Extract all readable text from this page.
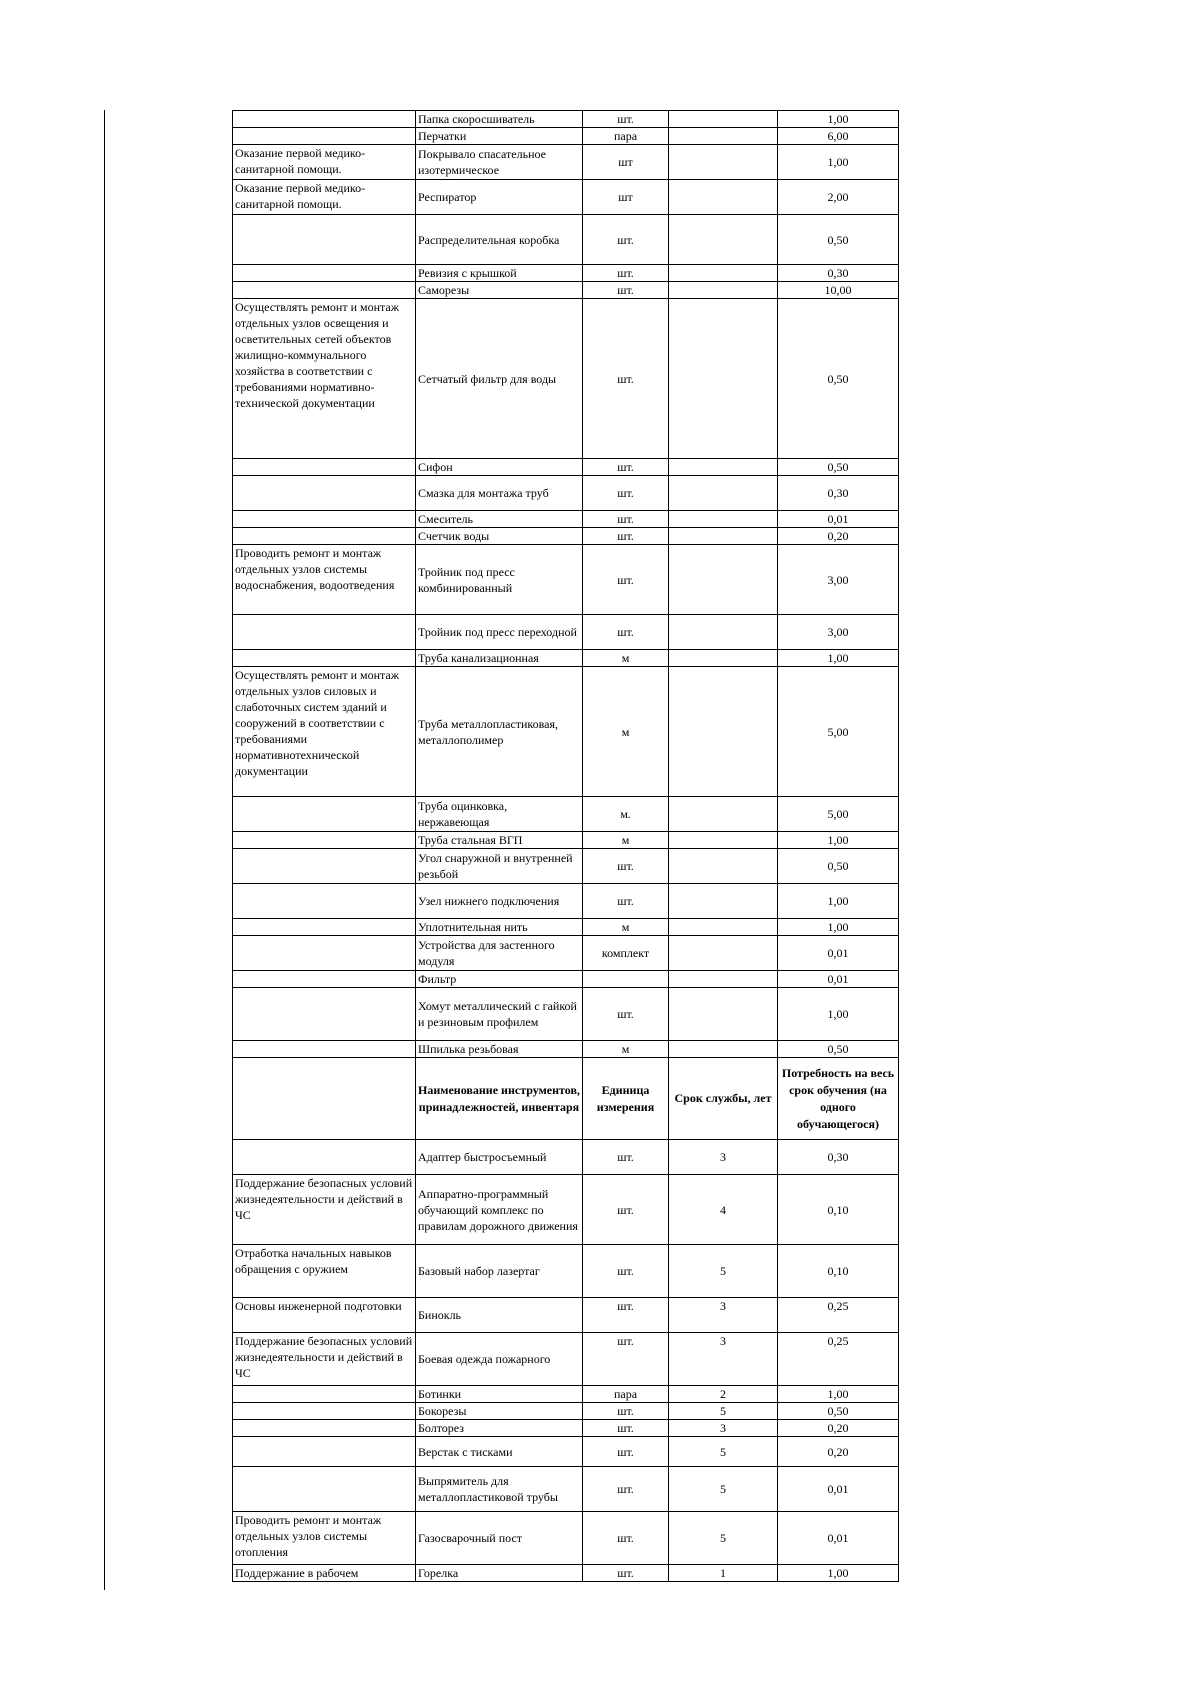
	Папка скоросшиватель	шт.		1,00
	Перчатки	пара		6,00
Оказание первой медико-санитарной помощи.	Покрывало спасательное изотермическое	шт		1,00
Оказание первой медико-санитарной помощи.	Респиратор	шт		2,00
	Распределительная коробка	шт.		0,50
	Ревизия с крышкой	шт.		0,30
	Саморезы	шт.		10,00
Осуществлять ремонт и монтаж отдельных узлов освещения и осветительных сетей объектов жилищно-коммунального хозяйства в соответствии с требованиями нормативно-технической документации	Сетчатый фильтр для воды	шт.		0,50
	Сифон	шт.		0,50
	Смазка для монтажа труб	шт.		0,30
	Смеситель	шт.		0,01
	Счетчик воды	шт.		0,20
Проводить ремонт и монтаж отдельных узлов системы водоснабжения, водоотведения	Тройник под пресс комбинированный	шт.		3,00
	Тройник под пресс переходной	шт.		3,00
	Труба канализационная	м		1,00
Осуществлять ремонт и монтаж отдельных узлов силовых и слаботочных систем зданий и сооружений в соответствии с требованиями нормативнотехнической документации	Труба металлопластиковая, металлополимер	м		5,00
	Труба оцинковка, нержавеющая	м.		5,00
	Труба стальная ВГП	м		1,00
	Угол снаружной и внутренней резьбой	шт.		0,50
	Узел нижнего подключения	шт.		1,00
	Уплотнительная нить	м		1,00
	Устройства для застенного модуля	комплект		0,01
	Фильтр			0,01
	Хомут металлический с гайкой и резиновым профилем	шт.		1,00
	Шпилька резьбовая	м		0,50
	Наименование инструментов, принадлежностей, инвентаря	Единица измерения	Срок службы, лет	Потребность на весь срок обучения (на одного обучающегося)
	Адаптер быстросъемный	шт.	3	0,30
Поддержание безопасных условий жизнедеятельности и действий в ЧС	Аппаратно-программный обучающий комплекс по правилам дорожного движения	шт.	4	0,10
Отработка начальных навыков обращения с оружием	Базовый набор лазертаг	шт.	5	0,10
Основы инженерной подготовки	Бинокль	шт.	3	0,25
Поддержание безопасных условий жизнедеятельности и действий в ЧС	Боевая одежда пожарного	шт.	3	0,25
	Ботинки	пара	2	1,00
	Бокорезы	шт.	5	0,50
	Болторез	шт.	3	0,20
	Верстак с тисками	шт.	5	0,20
	Выпрямитель для металлопластиковой трубы	шт.	5	0,01
Проводить ремонт и монтаж отдельных узлов системы отопления	Газосварочный пост	шт.	5	0,01
Поддержание в рабочем	Горелка	шт.	1	1,00
